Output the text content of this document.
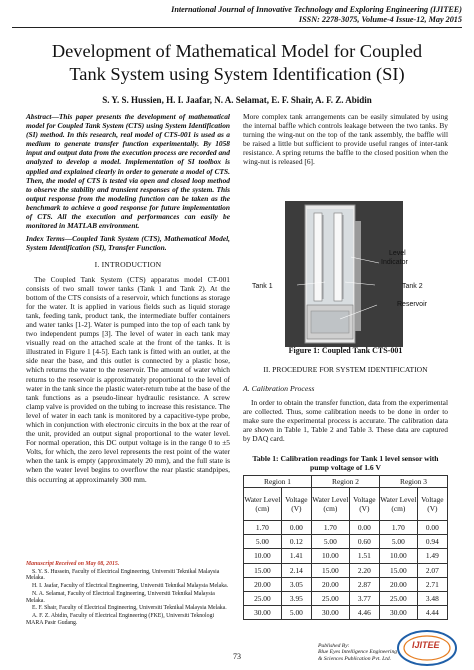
International Journal of Innovative Technology and Exploring Engineering (IJITEE)
ISSN: 2278-3075, Volume-4 Issue-12, May 2015
Development of Mathematical Model for Coupled
Tank System using System Identification (SI)
S. Y. S. Hussien, H. I. Jaafar, N. A. Selamat, E. F. Shair, A. F. Z. Abidin

Abstract—This paper presents the development of mathematical model for Coupled Tank System (CTS) using System Identification (SI) method. In this research, real model of CTS-001 is used as a medium to generate transfer function experimentally. By 1058 input and output data from the execution process are recorded and analyzed to develop a model. Implementation of SI toolbox is applied and explained clearly in order to generate a model of CTS. Then, the model of CTS is tested via open and closed loop method to observe the stability and transient responses of the system. This output response from the modeling function can be taken as the benchmark to achieve a good response for future implementation of CTS. All the execution and performances can easily be monitored in MATLAB environment.

Index Terms—Coupled Tank System (CTS), Mathematical Model, System Identification (SI), Transfer Function.

I. INTRODUCTION

The Coupled Tank System (CTS) apparatus model CT-001 consists of two small tower tanks (Tank 1 and Tank 2). At the bottom of the CTS consists of a reservoir, which functions as storage for the water. It is applied in various fields such as liquid storage tank, feeding tank, product tank, the intermediate buffer containers and water tanks [1-2]. Water is pumped into the top of each tank by two independent pumps [3]. The level of water in each tank may visually read on the attached scale at the front of the tanks. It is illustrated in Figure 1 [4-5]. Each tank is fitted with an outlet, at the side near the base, and this outlet is connected by a plastic hose, which returns the water to the reservoir. The amount of water which returns to the reservoir is approximately proportional to the level of water in the tank since the plastic water-return tube at the base of the tank functions as a pseudo-linear hydraulic resistance. A screw clamp valve is provided on the tubing to increase this resistance. The level of water in each tank is monitored by a capacitive-type probe, which in conjunction with electronic circuits in the box at the rear of the unit, provided an output signal proportional to the water level. For normal operation, this DC output voltage is in the range 0 to ±5 Volts, for which, the zero level represents the rest point of the water when the tank is empty (approximately 20 mm), and the full state is when the water level begins to overflow the rear plastic standpipes, this occurring at approximately 300 mm.

Manuscript Received on May 08, 2015.

S. Y. S. Hussein, Faculty of Electrical Engineering, Universiti Teknikal Malaysia Melaka.

H. I. Jaafar, Faculty of Electrical Engineering, Universiti Teknikal Malaysia Melaka.

N. A. Selamat, Faculty of Electrical Engineering, Universiti Teknikal Malaysia Melaka.

E. F. Shair, Faculty of Electrical Engineering, Universiti Teknikal Malaysia Melaka.

A. F. Z. Abidin, Faculty of Electrical Engineering (FKE), Universiti Teknologi MARA Pasir Gudang.

More complex tank arrangements can be easily simulated by using the internal baffle which controls leakage between the two tanks. By turning the wing-nut on the top of the tank assembly, the baffle will be raised a little but sufficient to provide useful ranges of inter-tank resistance. A spring returns the baffle to the closed position when the wing-nut is released [6].

Level
Indicator
Tank 1	Tank 2
Reservoir
Figure 1: Coupled Tank CTS-001
II. PROCEDURE FOR SYSTEM IDENTIFICATION
A. Calibration Process

In order to obtain the transfer function, data from the experimental are collected. Thus, some calibration needs to be done in order to make sure the experimental process is accurate. The calibration data are shown in Table 1, Table 2 and Table 3. These data are captured by DAQ card.

Table 1: Calibration readings for Tank 1 level sensor with
pump voltage of 1.6 V
Region 1		Region 2		Region 3	
Water Level (cm)	Voltage (V)	Water Level (cm)	Voltage (V)	Water Level (cm)	Voltage (V)
1.70	0.00	1.70	0.00	1.70	0.00
5.00	0.12	5.00	0.60	5.00	0.94
10.00	1.41	10.00	1.51	10.00	1.49
15.00	2.14	15.00	2.20	15.00	2.07
20.00	3.05	20.00	2.87	20.00	2.71
25.00	3.95	25.00	3.77	25.00	3.48
30.00	5.00	30.00	4.46	30.00	4.44
73
Published By:
Blue Eyes Intelligence Engineering
& Sciences Publication Pvt. Ltd.
IJITEE
